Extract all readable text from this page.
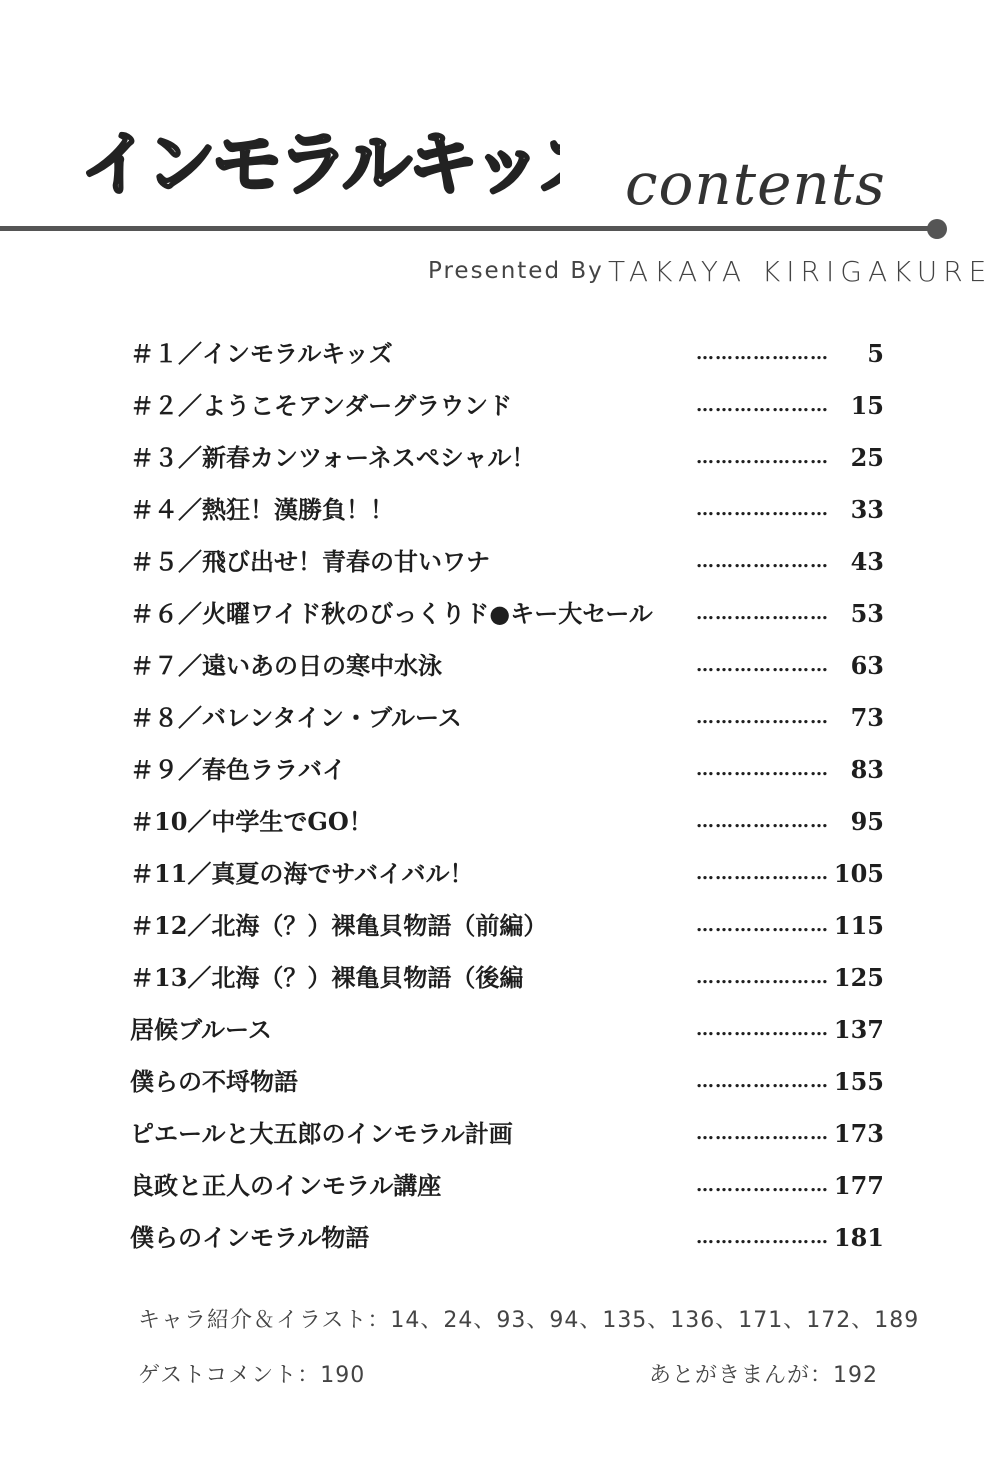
インモラルキッズ contents
Presented By TAKAYA KIRIGAKURE
＃１／インモラルキッズ	………………… 5
＃２／ようこそアンダーグラウンド	………………… 15
＃３／新春カンツォーネスペシャル！	………………… 25
＃４／熱狂！漢勝負！！	………………… 33
＃５／飛び出せ！青春の甘いワナ	………………… 43
＃６／火曜ワイド秋のびっくりド●キー大セール ………………… 53
＃７／遠いあの日の寒中水泳	………………… 63
＃８／バレンタイン・ブルース	………………… 73
＃９／春色ララバイ	………………… 83
＃10／中学生でGO！	………………… 95
＃11／真夏の海でサバイバル！	………………… 105
＃12／北海（？）裸亀貝物語（前編）	………………… 115
＃13／北海（？）裸亀貝物語（後編	………………… 125
居候ブルース	………………… 137
僕らの不埒物語	………………… 155
ピエールと大五郎のインモラル計画	………………… 173
良政と正人のインモラル講座	………………… 177
僕らのインモラル物語	………………… 181
キャラ紹介＆イラスト：14、24、93、94、135、136、171、172、189
ゲストコメント：190	あとがきまんが：192
